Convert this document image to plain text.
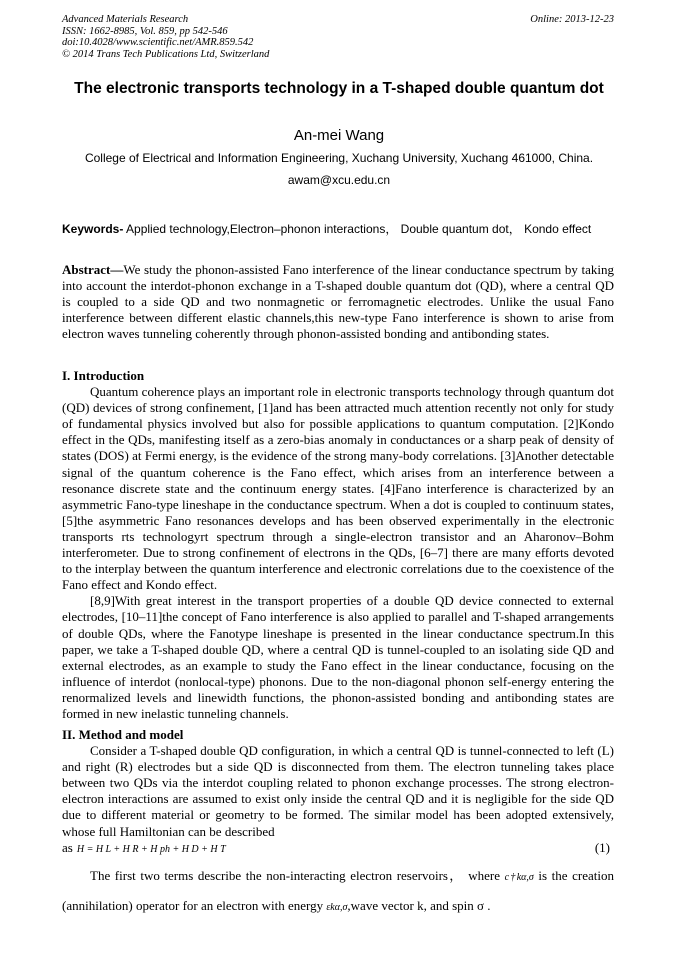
Advanced Materials Research
ISSN: 1662-8985, Vol. 859, pp 542-546
doi:10.4028/www.scientific.net/AMR.859.542
© 2014 Trans Tech Publications Ltd, Switzerland
Online: 2013-12-23
The electronic transports technology in a T-shaped double quantum dot
An-mei Wang
College of Electrical and Information Engineering, Xuchang University, Xuchang 461000, China.
awam@xcu.edu.cn
Keywords- Applied technology,Electron–phonon interactions， Double quantum dot， Kondo effect

Abstract—We study the phonon-assisted Fano interference of the linear conductance spectrum by taking into account the interdot-phonon exchange in a T-shaped double quantum dot (QD), where a central QD is coupled to a side QD and two nonmagnetic or ferromagnetic electrodes. Unlike the usual Fano interference between different elastic channels,this new-type Fano interference is shown to arise from electron waves tunneling coherently through phonon-assisted bonding and antibonding states.

I. Introduction

Quantum coherence plays an important role in electronic transports technology through quantum dot (QD) devices of strong confinement, [1]and has been attracted much attention recently not only for study of fundamental physics involved but also for possible applications to quantum computation. [2]Kondo effect in the QDs, manifesting itself as a zero-bias anomaly in conductances or a sharp peak of density of states (DOS) at Fermi energy, is the evidence of the strong many-body correlations. [3]Another detectable signal of the quantum coherence is the Fano effect, which arises from an interference between a resonance discrete state and the continuum energy states. [4]Fano interference is characterized by an asymmetric Fano-type lineshape in the conductance spectrum. When a dot is coupled to continuum states, [5]the asymmetric Fano resonances develops and has been observed experimentally in the electronic transports rts technologyrt spectrum through a single-electron transistor and an Aharonov–Bohm interferometer. Due to strong confinement of electrons in the QDs, [6–7] there are many efforts devoted to the interplay between the quantum interference and electronic correlations due to the coexistence of the Fano effect and Kondo effect.

[8,9]With great interest in the transport properties of a double QD device connected to external electrodes, [10–11]the concept of Fano interference is also applied to parallel and T-shaped arrangements of double QDs, where the Fanotype lineshape is presented in the linear conductance spectrum.In this paper, we take a T-shaped double QD, where a central QD is tunnel-coupled to an isolating side QD and external electrodes, as an example to study the Fano effect in the linear conductance, focusing on the influence of interdot (nonlocal-type) phonons. Due to the non-diagonal phonon self-energy entering the renormalized levels and linewidth functions, the phonon-assisted bonding and antibonding states are formed in new inelastic tunneling channels.

II. Method and model

Consider a T-shaped double QD configuration, in which a central QD is tunnel-connected to left (L) and right (R) electrodes but a side QD is disconnected from them. The electron tunneling takes place between two QDs via the interdot coupling related to phonon exchange processes. The strong electron-electron interactions are assumed to exist only inside the central QD and it is negligible for the side QD due to different material or geometry to be formed. The similar model has been adopted extensively, whose full Hamiltonian can be described

as H = H L + H R + H ph + H D + H T	(1)
The first two terms describe the non-interacting electron reservoirs， where c†kα,σ is the creation (annihilation) operator for an electron with energy εkα,σ,wave vector k, and spin σ .
